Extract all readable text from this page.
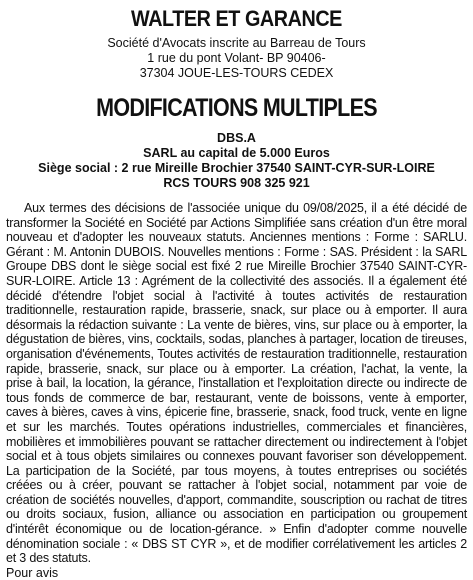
WALTER ET GARANCE
Société d'Avocats inscrite au Barreau de Tours
1 rue du pont Volant- BP 90406-
37304 JOUE-LES-TOURS CEDEX
MODIFICATIONS MULTIPLES
DBS.A
SARL au capital de 5.000 Euros
Siège social : 2 rue Mireille Brochier 37540 SAINT-CYR-SUR-LOIRE
RCS TOURS 908 325 921

Aux termes des décisions de l'associée unique du 09/08/2025, il a été décidé de transformer la Société en Société par Actions Simplifiée sans création d'un être moral nouveau et d'adopter les nouveaux statuts. Anciennes mentions : Forme : SARLU. Gérant : M. Antonin DUBOIS. Nouvelles mentions : Forme : SAS. Président : la SARL Groupe DBS dont le siège social est fixé 2 rue Mireille Brochier 37540 SAINT-CYR-SUR-LOIRE. Article 13 : Agrément de la collectivité des associés. Il a également été décidé d'étendre l'objet social à l'activité à toutes activités de restauration traditionnelle, restauration rapide, brasserie, snack, sur place ou à emporter. Il aura désormais la rédaction suivante : La vente de bières, vins, sur place ou à emporter, la dégustation de bières, vins, cocktails, sodas, planches à partager, location de tireuses, organisation d'événements, Toutes activités de restauration traditionnelle, restauration rapide, brasserie, snack, sur place ou à emporter. La création, l'achat, la vente, la prise à bail, la location, la gérance, l'installation et l'exploitation directe ou indirecte de tous fonds de commerce de bar, restaurant, vente de boissons, vente à emporter, caves à bières, caves à vins, épicerie fine, brasserie, snack, food truck, vente en ligne et sur les marchés. Toutes opérations industrielles, commerciales et financières, mobilières et immobilières pouvant se rattacher directement ou indirectement à l'objet social et à tous objets similaires ou connexes pouvant favoriser son développement. La participation de la Société, par tous moyens, à toutes entreprises ou sociétés créées ou à créer, pouvant se rattacher à l'objet social, notamment par voie de création de sociétés nouvelles, d'apport, commandite, souscription ou rachat de titres ou droits sociaux, fusion, alliance ou association en participation ou groupement d'intérêt économique ou de location-gérance. » Enfin d'adopter comme nouvelle dénomination sociale : « DBS ST CYR », et de modifier corrélativement les articles 2 et 3 des statuts.

Pour avis
